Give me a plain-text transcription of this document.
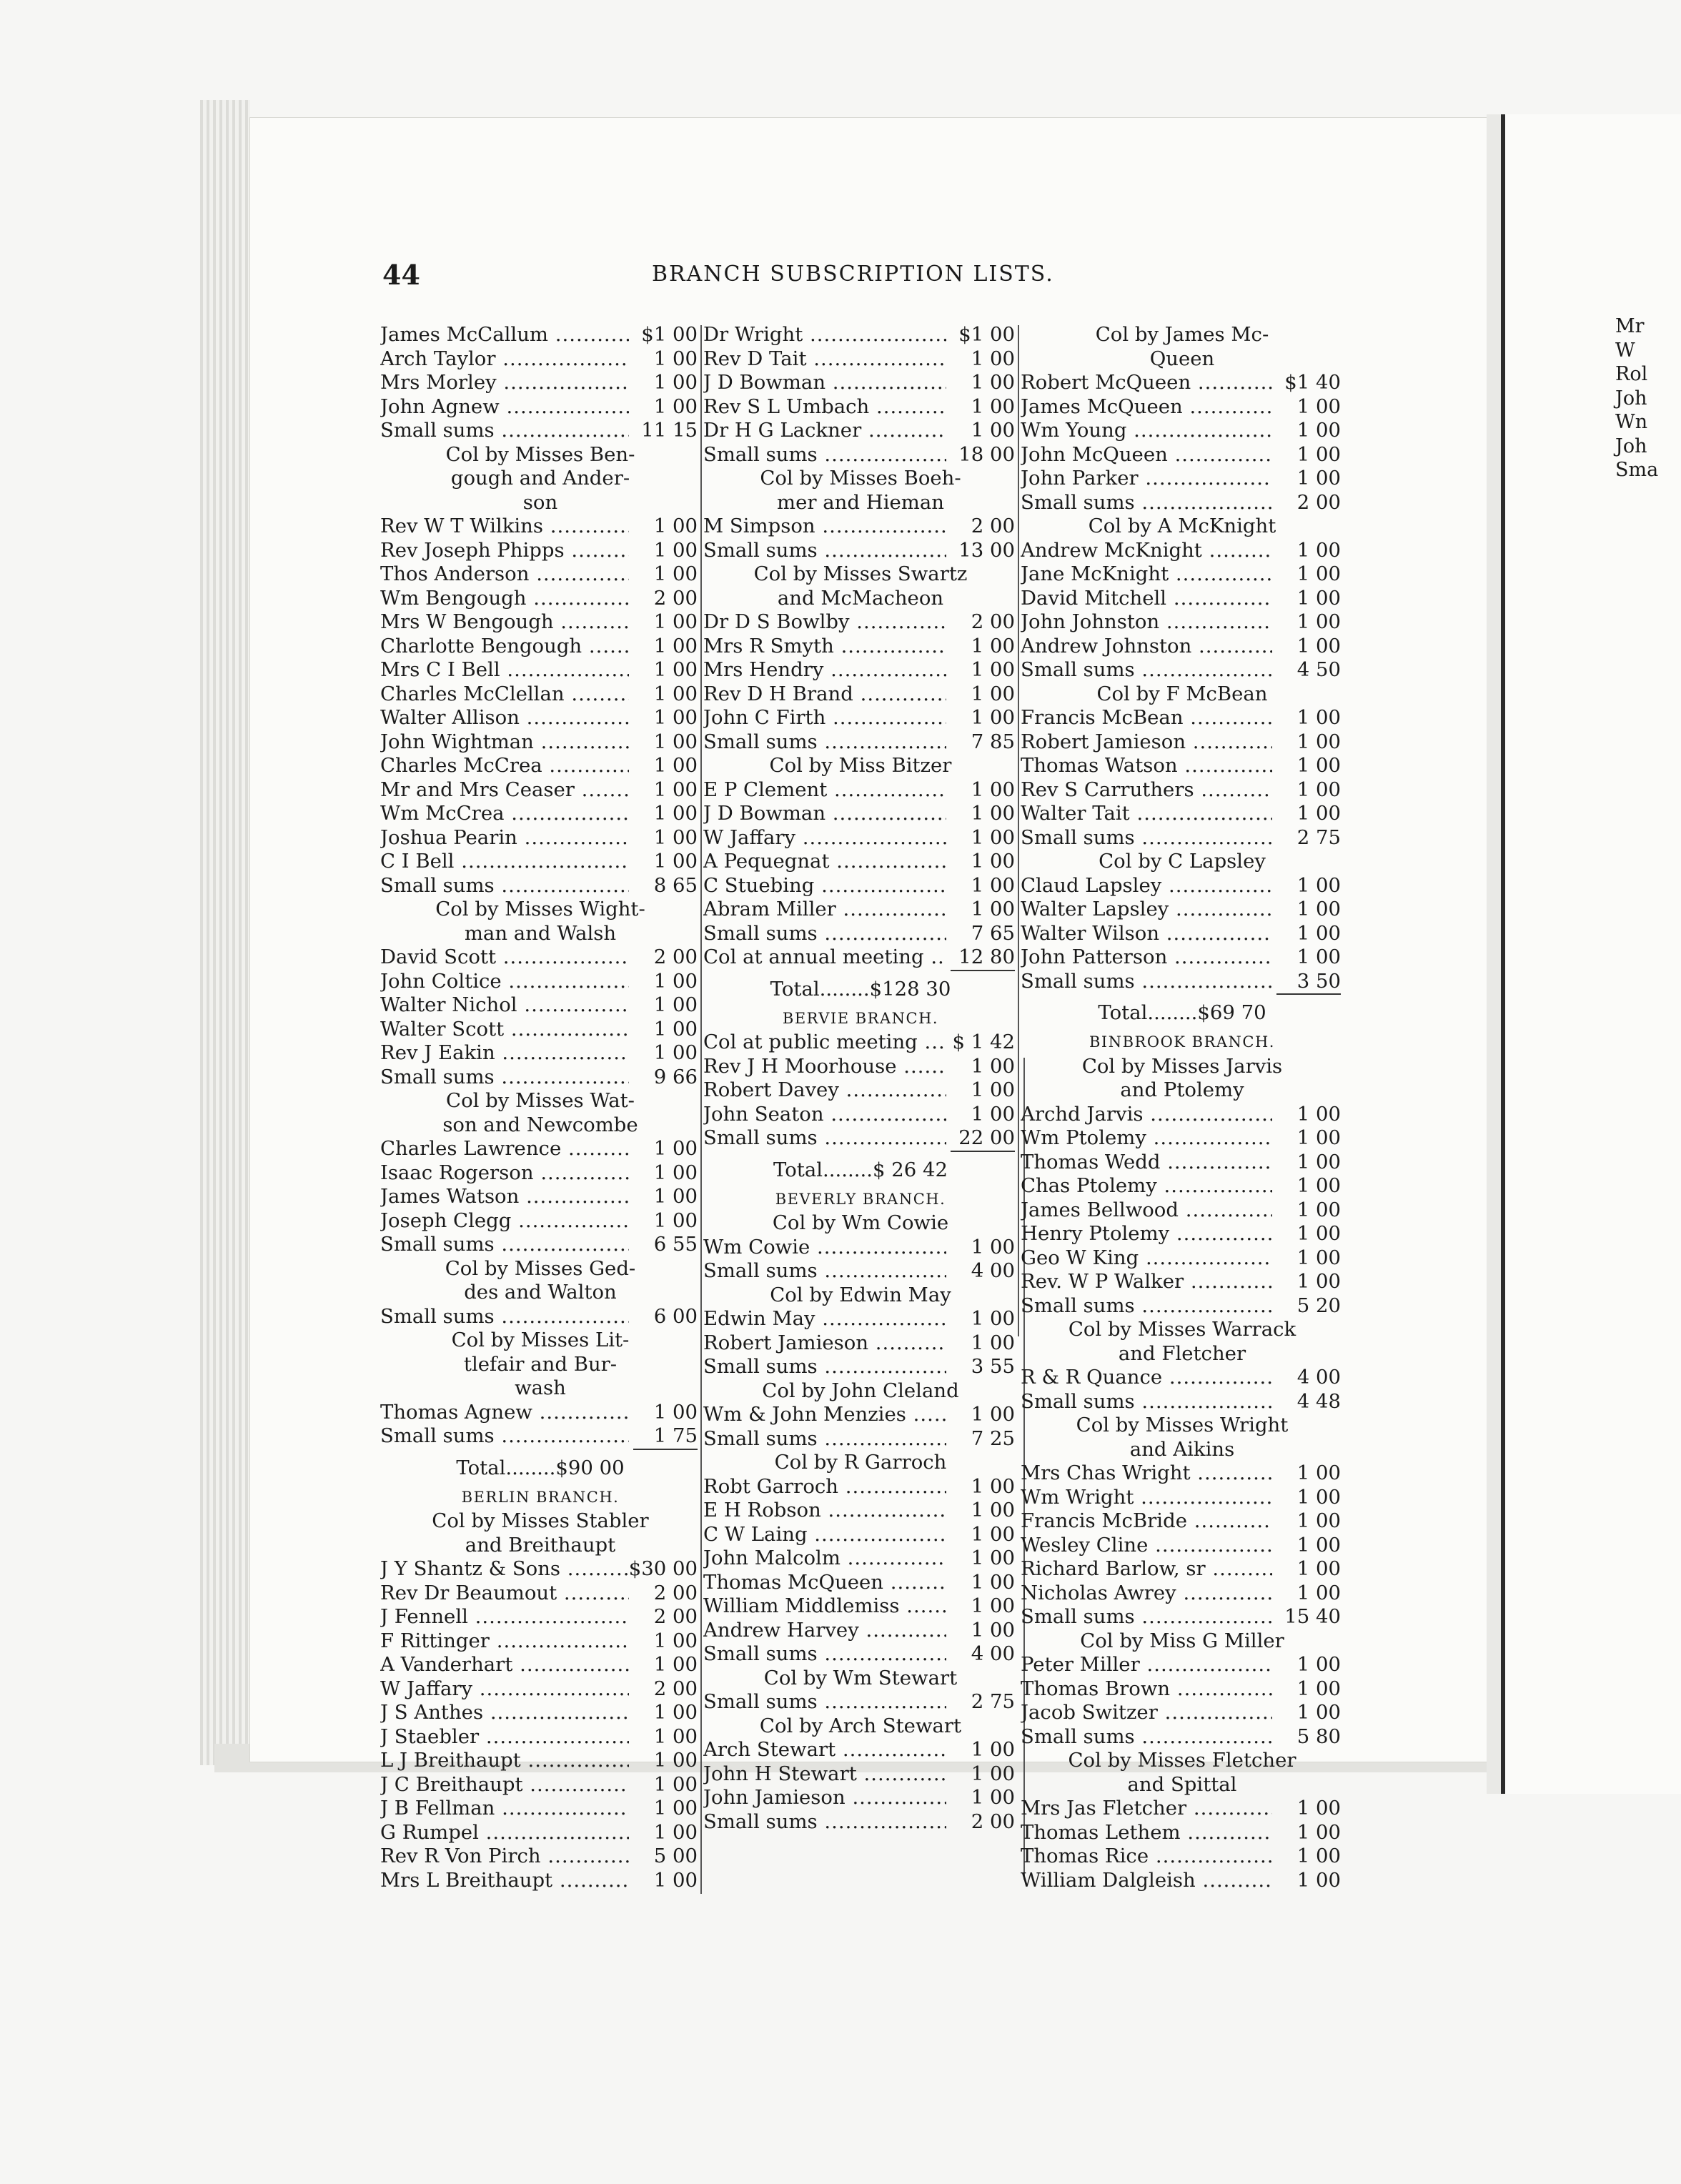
44	BRANCH SUBSCRIPTION LISTS.
James McCallum .....	$1 00
Arch Taylor .....	1 00
Mrs Morley .....	1 00
John Agnew .....	1 00
Small sums .....	11 15
Col by Misses Ben-
gough and Ander-
son
Rev W T Wilkins .....	1 00
Rev Joseph Phipps .....	1 00
Thos Anderson .....	1 00
Wm Bengough .....	2 00
Mrs W Bengough .....	1 00
Charlotte Bengough .....	1 00
Mrs C I Bell .....	1 00
Charles McClellan .....	1 00
Walter Allison .....	1 00
John Wightman .....	1 00
Charles McCrea .....	1 00
Mr and Mrs Ceaser .....	1 00
Wm McCrea .....	1 00
Joshua Pearin .....	1 00
C I Bell .....	1 00
Small sums .....	8 65
Col by Misses Wight-
man and Walsh
David Scott .....	2 00
John Coltice .....	1 00
Walter Nichol .....	1 00
Walter Scott .....	1 00
Rev J Eakin .....	1 00
Small sums .....	9 66
Col by Misses Wat-
son and Newcombe
Charles Lawrence .....	1 00
Isaac Rogerson .....	1 00
James Watson .....	1 00
Joseph Clegg .....	1 00
Small sums .....	6 55
Col by Misses Ged-
des and Walton
Small sums .....	6 00
Col by Misses Lit-
tlefair and Bur-
wash
Thomas Agnew .....	1 00
Small sums .....	1 75
Total ........ $90 00
BERLIN BRANCH.
Col by Misses Stabler
and Breithaupt
J Y Shantz & Sons .....	$30 00
Rev Dr Beaumout .....	2 00
J Fennell .....	2 00
F Rittinger .....	1 00
A Vanderhart .....	1 00
W Jaffary .....	2 00
J S Anthes .....	1 00
J Staebler .....	1 00
L J Breithaupt .....	1 00
J C Breithaupt .....	1 00
J B Fellman .....	1 00
G Rumpel .....	1 00
Rev R Von Pirch .....	5 00
Mrs L Breithaupt .....	1 00
Dr Wright .....	$1 00
Rev D Tait .....	1 00
J D Bowman .....	1 00
Rev S L Umbach .....	1 00
Dr H G Lackner .....	1 00
Small sums .....	18 00
Col by Misses Boeh-
mer and Hieman
M Simpson .....	2 00
Small sums .....	13 00
Col by Misses Swartz
and McMacheon
Dr D S Bowlby .....	2 00
Mrs R Smyth .....	1 00
Mrs Hendry .....	1 00
Rev D H Brand .....	1 00
John C Firth .....	1 00
Small sums .....	7 85
Col by Miss Bitzer
E P Clement .....	1 00
J D Bowman .....	1 00
W Jaffary .....	1 00
A Pequegnat .....	1 00
C Stuebing .....	1 00
Abram Miller .....	1 00
Small sums .....	7 65
Col at annual meeting .....	12 80
Total ........ $128 30
BERVIE BRANCH.
Col at public meeting .....	$ 1 42
Rev J H Moorhouse .....	1 00
Robert Davey .....	1 00
John Seaton .....	1 00
Small sums .....	22 00
Total ........ $ 26 42
BEVERLY BRANCH.
Col by Wm Cowie
Wm Cowie .....	1 00
Small sums .....	4 00
Col by Edwin May
Edwin May .....	1 00
Robert Jamieson .....	1 00
Small sums .....	3 55
Col by John Cleland
Wm & John Menzies .....	1 00
Small sums .....	7 25
Col by R Garroch
Robt Garroch .....	1 00
E H Robson .....	1 00
C W Laing .....	1 00
John Malcolm .....	1 00
Thomas McQueen .....	1 00
William Middlemiss .....	1 00
Andrew Harvey .....	1 00
Small sums .....	4 00
Col by Wm Stewart
Small sums .....	2 75
Col by Arch Stewart
Arch Stewart .....	1 00
John H Stewart .....	1 00
John Jamieson .....	1 00
Small sums .....	2 00
Col by James Mc-
Queen
Robert McQueen .....	$1 40
James McQueen .....	1 00
Wm Young .....	1 00
John McQueen .....	1 00
John Parker .....	1 00
Small sums .....	2 00
Col by A McKnight
Andrew McKnight .....	1 00
Jane McKnight .....	1 00
David Mitchell .....	1 00
John Johnston .....	1 00
Andrew Johnston .....	1 00
Small sums .....	4 50
Col by F McBean
Francis McBean .....	1 00
Robert Jamieson .....	1 00
Thomas Watson .....	1 00
Rev S Carruthers .....	1 00
Walter Tait .....	1 00
Small sums .....	2 75
Col by C Lapsley
Claud Lapsley .....	1 00
Walter Lapsley .....	1 00
Walter Wilson .....	1 00
John Patterson .....	1 00
Small sums .....	3 50
Total ........ $69 70
BINBROOK BRANCH.
Col by Misses Jarvis
and Ptolemy
Archd Jarvis .....	1 00
Wm Ptolemy .....	1 00
Thomas Wedd .....	1 00
Chas Ptolemy .....	1 00
James Bellwood .....	1 00
Henry Ptolemy .....	1 00
Geo W King .....	1 00
Rev. W P Walker .....	1 00
Small sums .....	5 20
Col by Misses Warrack
and Fletcher
R & R Quance .....	4 00
Small sums .....	4 48
Col by Misses Wright
and Aikins
Mrs Chas Wright .....	1 00
Wm Wright .....	1 00
Francis McBride .....	1 00
Wesley Cline .....	1 00
Richard Barlow, sr .....	1 00
Nicholas Awrey .....	1 00
Small sums .....	15 40
Col by Miss G Miller
Peter Miller .....	1 00
Thomas Brown .....	1 00
Jacob Switzer .....	1 00
Small sums .....	5 80
Col by Misses Fletcher
and Spittal
Mrs Jas Fletcher .....	1 00
Thomas Lethem .....	1 00
Thomas Rice .....	1 00
William Dalgleish .....	1 00
Mr
W
Rol
Joh
Wn
Joh
Sma
